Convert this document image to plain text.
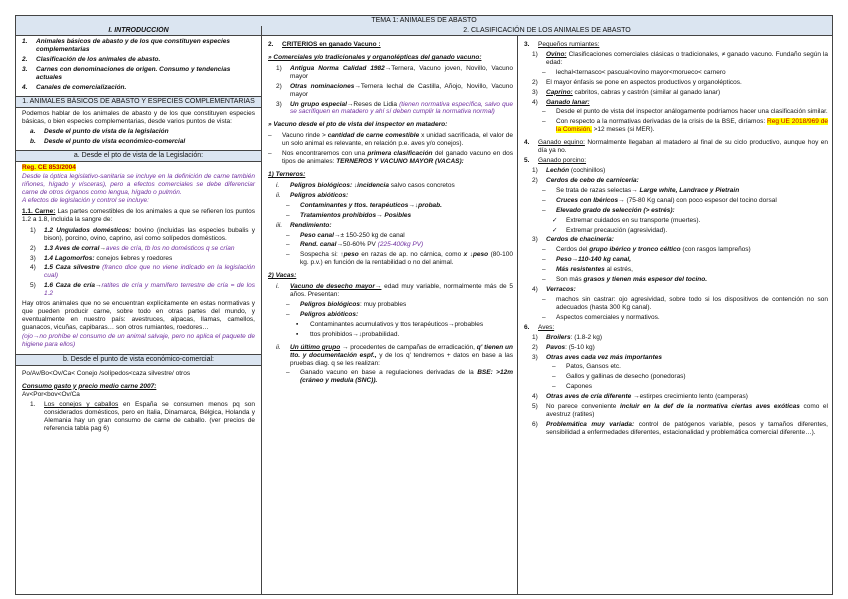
TEMA 1: ANIMALES DE ABASTO
I. INTRODUCCIÓN
1.	Animales básicos de abasto y de los que constituyen especies complementarias
2.	Clasificación de los animales de abasto.
3.	Carnes con denominaciones de origen. Consumo y tendencias actuales
4.	Canales de comercialización.
1. ANIMALES BÁSICOS DE ABASTO Y ESPECIES COMPLEMENTARIAS

Podemos hablar de los animales de abasto y de los que constituyen especies básicas, o bien especies complementarias, desde varios puntos de vista:

a.	Desde el punto de vista de la legislación
b.	Desde el punto de vista económico-comercial
a. Desde el pto de vista de la Legislación:

Reg. CE 853/2004

Desde la óptica legislativo-sanitaria se incluye en la definición de carne también riñones, hígado y vísceras), pero a efectos comerciales se debe diferenciar carne de otros órganos como lengua, hígado o pulmón.

A efectos de legislación y control se incluye:

1.1. Carne: Las partes comestibles de los animales a que se refieren los puntos 1.2 a 1.8, incluida la sangre de:

1)	1.2 Ungulados domésticos: bovino (incluidas las especies bubalis y bison), porcino, ovino, caprino, así como solípedos domésticos.
2)	1.3 Aves de corral→aves de cría, tb los no domésticos q se crían
3)	1.4 Lagomorfos: conejos liebres y roedores
4)	1.5 Caza silvestre (franco dice que no viene indicado en la legislación cual)
5)	1.6 Caza de cría→ratites de cría y mamífero terrestre de cría = de los 1.2

Hay otros animales que no se encuentran explícitamente en estas normativas y que pueden producir carne, sobre todo en otras partes del mundo, y eventualmente en nuestro país: avestruces, alpacas, llamas, camellos, guanacos, vicuñas, capibaras… son otros rumiantes, roedores…

(ojo→no prohíbe el consumo de un animal salvaje, pero no aplica el paquete de higiene para ellos)

b. Desde el punto de vista económico-comercial:

Po/Av/Bo<Ov/Ca< Conejo /solípedos<caza silvestre/ otros

Consumo gasto y precio medio carne 2007:

Av<Por<bov<Ov/Ca

1.	Los conejos y caballos en España se consumen menos pq son considerados domésticos, pero en Italia, Dinamarca, Bélgica, Holanda y Alemania hay un gran consumo de carne de caballo. (ver precios de referencia tabla pag 6)
2. CLASIFICACIÓN DE LOS ANIMALES DE ABASTO
2.	CRITERIOS en ganado Vacuno :

» Comerciales y/o tradicionales y organolépticas del ganado vacuno:

1)	Antigua Norma Calidad 1982→Ternera, Vacuno joven, Novillo, Vacuno mayor
2)	Otras nominaciones→Ternera lechal de Castilla, Añojo, Novillo, Vacuno mayor
3)	Un grupo especial→Reses de Lidia (tienen normativa específica, salvo que se sacrifiquen en matadero y ahí sí deben cumplir la normativa normal)

» Vacuno desde el pto de vista del inspector en matadero:

–	Vacuno rinde > cantidad de carne comestible x unidad sacrificada, el valor de un solo animal es relevante, en relación p.e. aves y/o conejos).
–	Nos encontraremos con una primera clasificación del ganado vacuno en dos tipos de animales: TERNEROS Y VACUNO MAYOR (VACAS):

1) Terneros:

i.	Peligros biológicos: ↓incidencia salvo casos concretos
ii.	Peligros abióticos:
–	Contaminantes y ttos. terapéuticos→↓probab.
–	Tratamientos prohibidos→ Posibles
iii.	Rendimiento:
–	Peso canal→± 150-250 kg de canal
–	Rend. canal→50-60% PV (225-400kg PV)
–	Sospecha si: ↑peso en razas de ap. no cárnica, como x ↓peso (80-100 kg. p.v.) en función de la rentabilidad o no del animal.

2) Vacas:

i.	Vacuno de desecho mayor→ edad muy variable, normalmente más de 5 años. Presentan:
–	Peligros biológicos: muy probables
–	Peligros abióticos:
▪	Contaminantes acumulativos y ttos terapéuticos→probables
▪	ttos prohibidos→↓probabilidad.
ii.	Un último grupo → procedentes de campañas de erradicación, q' tienen un tto. y documentación espf., y de los q' tendremos + datos en base a las pruebas diag. q se les realizan:
–	Ganado vacuno en base a regulaciones derivadas de la BSE: >12m (cráneo y medula (SNC)).
3.	Pequeños rumiantes:
1)	Ovino: Clasificaciones comerciales clásicas o tradicionales, ≠ ganado vacuno. Fundaño según la edad:
–	lechal<ternasco< pascual<ovino mayor<morueco< carnero
2)	El mayor énfasis se pone en aspectos productivos y organolépticos.
3)	Caprino: cabritos, cabras y castrón (similar al ganado lanar)
4)	Ganado lanar:
–	Desde el punto de vista del inspector análogamente podríamos hacer una clasificación similar.
–	Con respecto a la normativas derivadas de la crisis de la BSE, diríamos: Reg UE 2018/969 de la Comisión, >12 meses (si MER).
4.	Ganado equino: Normalmente llegaban al matadero al final de su ciclo productivo, aunque hoy en día ya no.
5.	Ganado porcino:
1)	Lechón (cochinillos)
2)	Cerdos de cebo de carnicería:
–	Se trata de razas selectas→ Large white, Landrace y Pietrain
–	Cruces con Ibéricos→ (75-80 Kg canal) con poco espesor del tocino dorsal
–	Elevado grado de selección (> estrés):
✓	Extremar cuidados en su transporte (muertes).
✓	Extremar precaución (agresividad).
3)	Cerdos de chacinería:
–	Cerdos del grupo ibérico y tronco céltico (con rasgos lampreños)
–	Peso→110-140 kg canal,
–	Más resistentes al estrés,
–	Son más grasos y tienen más espesor del tocino.
4)	Verracos:
–	machos sin castrar: ojo agresividad, sobre todo si los dispositivos de contención no son adecuados (hasta 300 Kg canal).
–	Aspectos comerciales y normativos.
6.	Aves:
1)	Broilers: (1.8-2 kg)
2)	Pavos: (5-10 kg)
3)	Otras aves cada vez más importantes
–	Patos, Gansos etc.
–	Gallos y gallinas de desecho (ponedoras)
–	Capones
4)	Otras aves de cría diferente →estirpes crecimiento lento (camperas)
5)	No parece conveniente incluir en la def de la normativa ciertas aves exóticas como el avestruz (ratites)
6)	Problemática muy variada: control de patógenos variable, pesos y tamaños diferentes, sensibilidad a enfermedades diferentes, estacionalidad y problemática comercial diferente…).
